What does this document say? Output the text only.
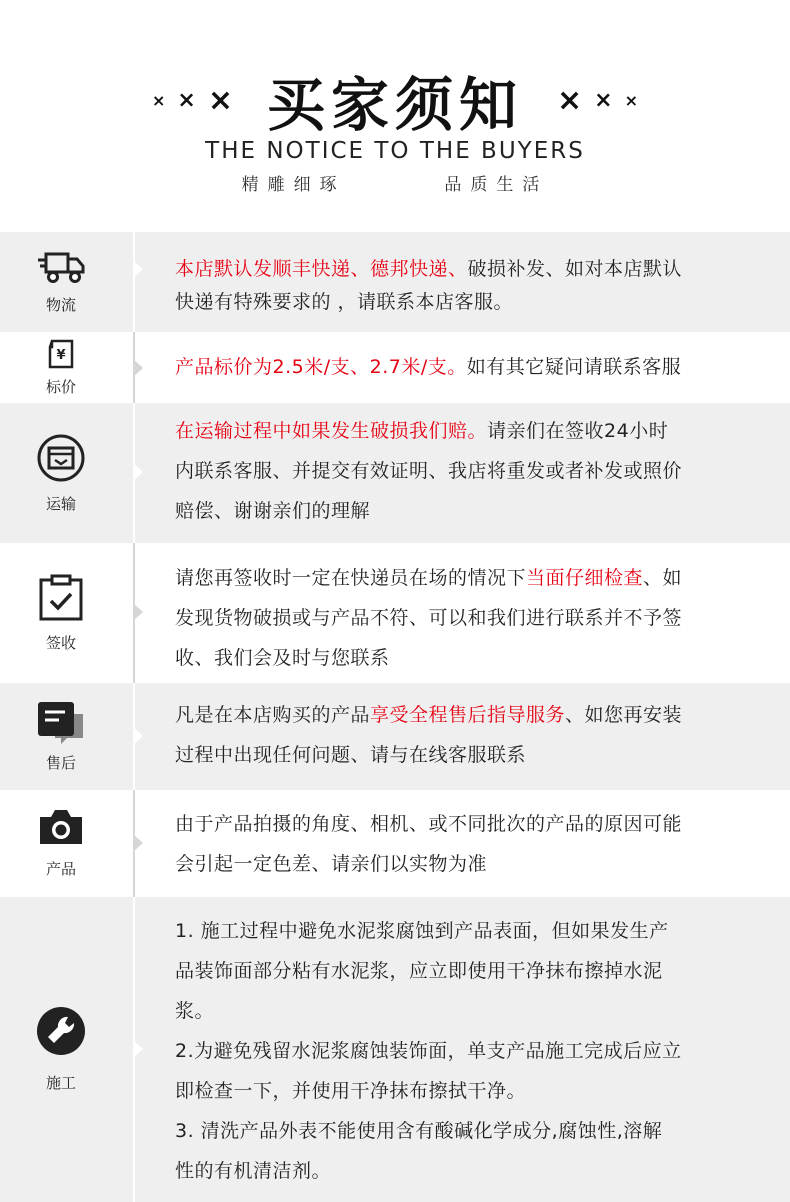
× × × 买家须知 × × ×
THE NOTICE TO THE BUYERS
精雕细琢	品质生活
物流

本店默认发顺丰快递、德邦快递、破损补发、如对本店默认

快递有特殊要求的 ，请联系本店客服。

¥
标价

产品标价为2.5米/支、2.7米/支。如有其它疑问请联系客服

运输

在运输过程中如果发生破损我们赔。请亲们在签收24小时

内联系客服、并提交有效证明、我店将重发或者补发或照价

赔偿、谢谢亲们的理解

签收

请您再签收时一定在快递员在场的情况下当面仔细检查、如

发现货物破损或与产品不符、可以和我们进行联系并不予签

收、我们会及时与您联系

售后

凡是在本店购买的产品享受全程售后指导服务、如您再安装

过程中出现任何问题、请与在线客服联系

产品

由于产品拍摄的角度、相机、或不同批次的产品的原因可能

会引起一定色差、请亲们以实物为准

施工

1. 施工过程中避免水泥浆腐蚀到产品表面，但如果发生产

品装饰面部分粘有水泥浆，应立即使用干净抹布擦掉水泥

浆。

2.为避免残留水泥浆腐蚀装饰面，单支产品施工完成后应立

即检查一下，并使用干净抹布擦拭干净。

3. 清洗产品外表不能使用含有酸碱化学成分,腐蚀性,溶解

性的有机清洁剂。
